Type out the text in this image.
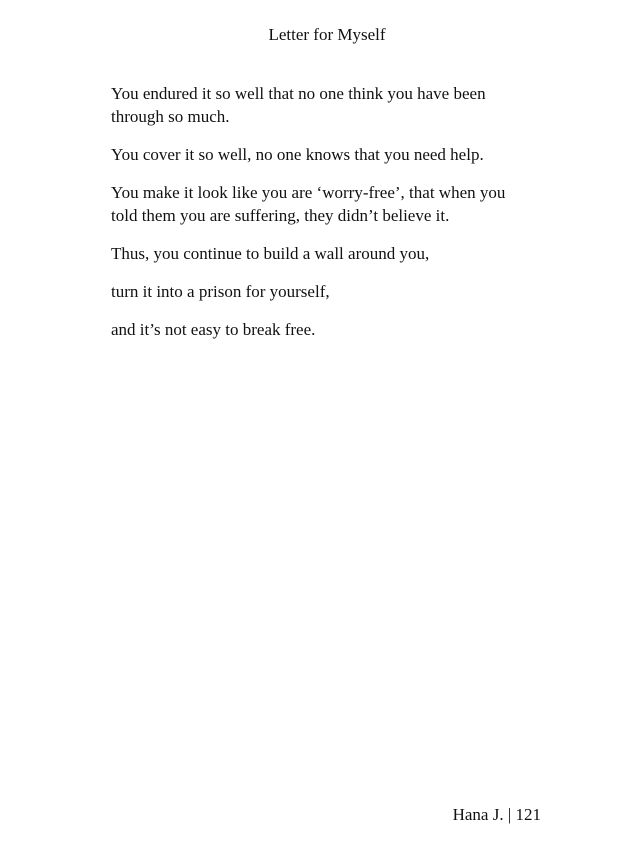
Letter for Myself

You endured it so well that no one think you have been
through so much.

You cover it so well, no one knows that you need help.

You make it look like you are ‘worry-free’, that when you
told them you are suffering, they didn’t believe it.

Thus, you continue to build a wall around you,

turn it into a prison for yourself,

and it’s not easy to break free.

Hana J. | 121
